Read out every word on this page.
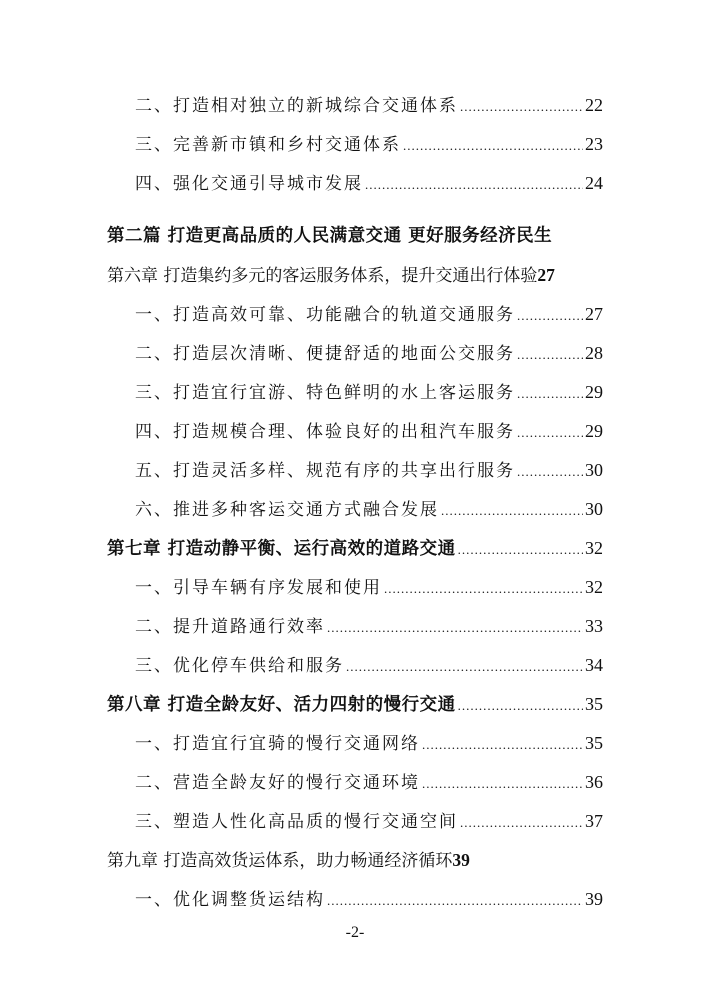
二、打造相对独立的新城综合交通体系 .....	22
三、完善新市镇和乡村交通体系 .....	23
四、强化交通引导城市发展 .....	24
第二篇 打造更高品质的人民满意交通 更好服务经济民生
第六章 打造集约多元的客运服务体系，提升交通出行体验 27
一、打造高效可靠、功能融合的轨道交通服务 .....	27
二、打造层次清晰、便捷舒适的地面公交服务 .....	28
三、打造宜行宜游、特色鲜明的水上客运服务 .....	29
四、打造规模合理、体验良好的出租汽车服务 .....	29
五、打造灵活多样、规范有序的共享出行服务 .....	30
六、推进多种客运交通方式融合发展 .....	30
第七章 打造动静平衡、运行高效的道路交通 .....	32
一、引导车辆有序发展和使用 .....	32
二、提升道路通行效率 .....	33
三、优化停车供给和服务 .....	34
第八章 打造全龄友好、活力四射的慢行交通 .....	35
一、打造宜行宜骑的慢行交通网络 .....	35
二、营造全龄友好的慢行交通环境 .....	36
三、塑造人性化高品质的慢行交通空间 .....	37
第九章 打造高效货运体系，助力畅通经济循环 39
一、优化调整货运结构 .....	39
-2-
